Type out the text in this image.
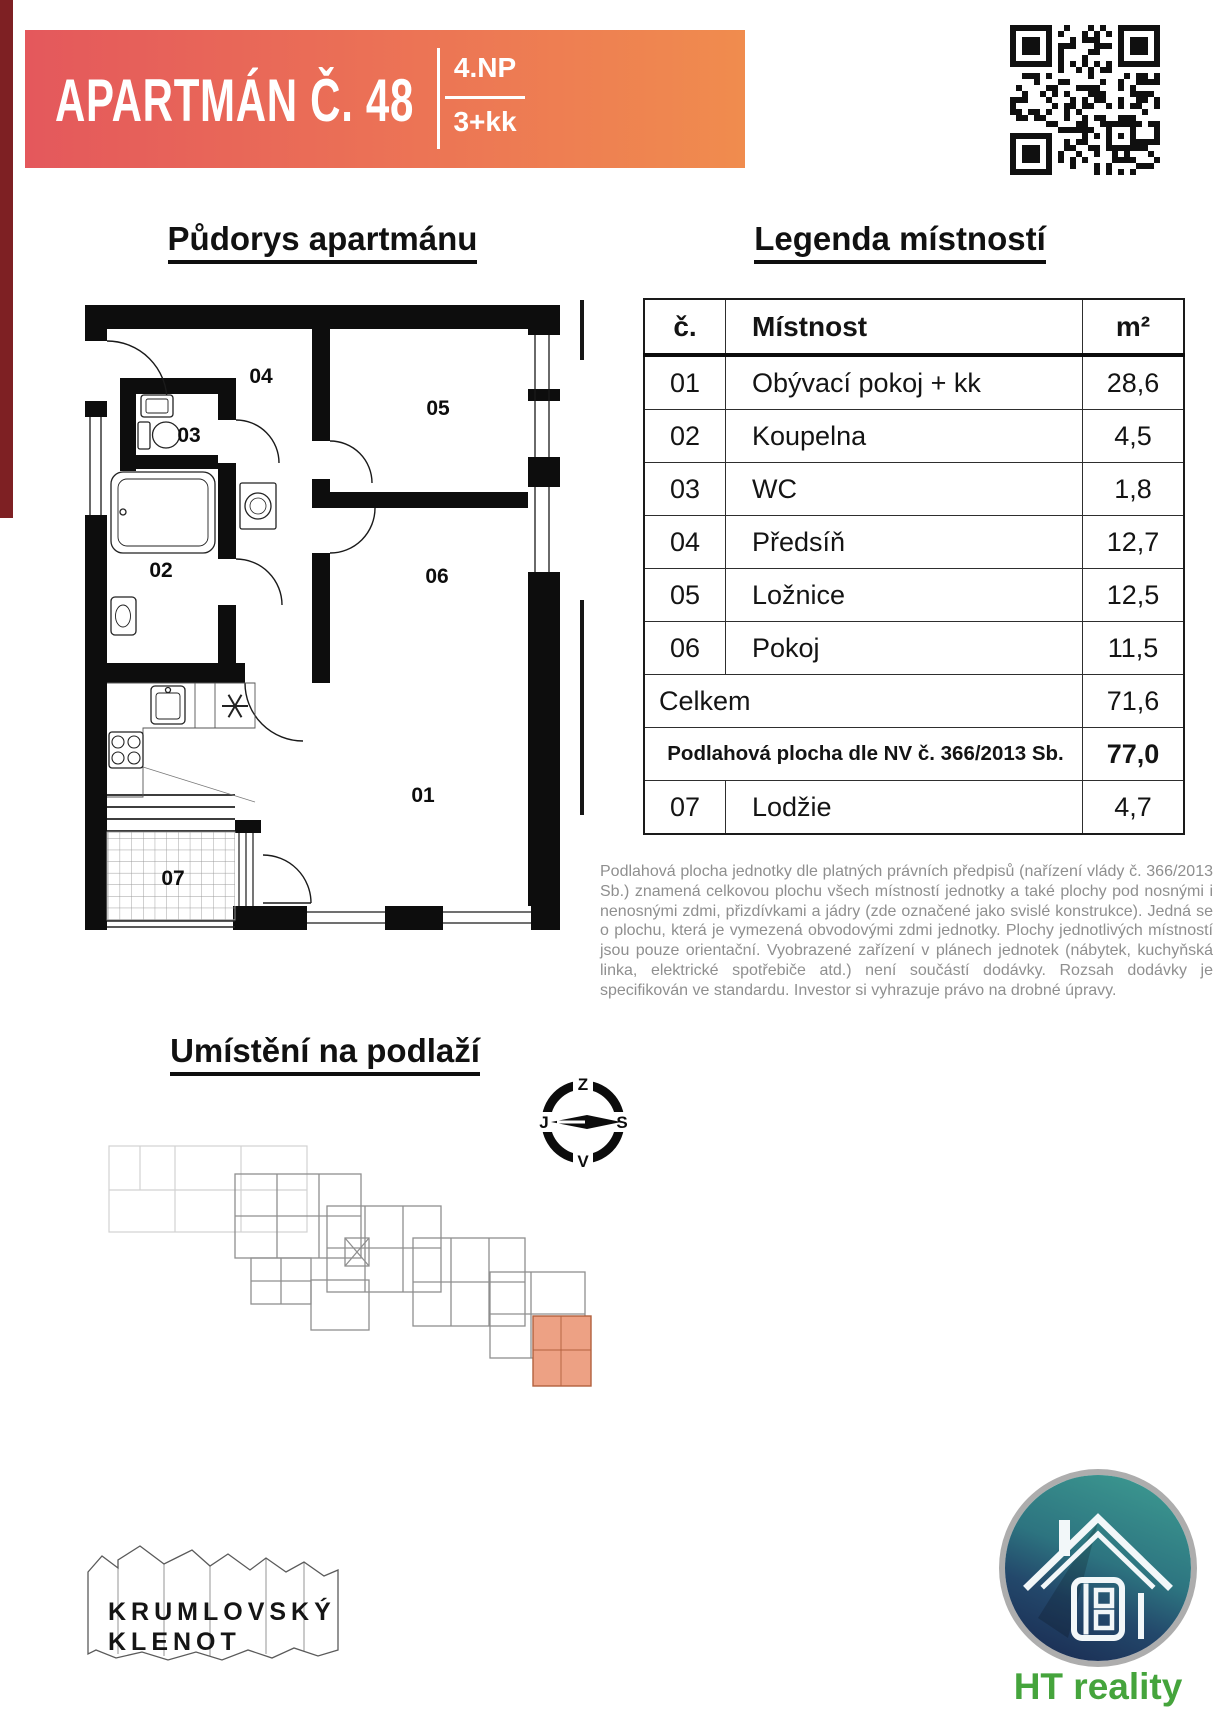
APARTMÁN Č. 48	4.NP
3+kk
Půdorys apartmánu	Legenda místností
Umístění na podlaží
04
05
03
02	06
01
07
č.	Místnost	m²
01	Obývací pokoj + kk	28,6
02	Koupelna	4,5
03	WC	1,8
04	Předsíň	12,7
05	Ložnice	12,5
06	Pokoj	11,5
Celkem		71,6
Podlahová plocha dle NV č. 366/2013 Sb.		77,0
07	Lodžie	4,7
Podlahová plocha jednotky dle platných právních předpisů (nařízení vlády č. 366/2013 Sb.) znamená celkovou plochu všech místností jednotky a také plochy pod nosnými i nenosnými zdmi, přizdívkami a jádry (zde označené jako svislé konstrukce). Jedná se o plochu, která je vymezená obvodovými zdmi jednotky. Plochy jednotlivých místností jsou pouze orientační. Vyobrazené zařízení v plánech jednotek (nábytek, kuchyňská linka, elektrické spotřebiče atd.) není součástí dodávky. Rozsah dodávky je specifikován ve standardu. Investor si vyhrazuje právo na drobné úpravy.
Z
J	S
V
KRUMLOVSKÝ
KLENOT
HT reality
